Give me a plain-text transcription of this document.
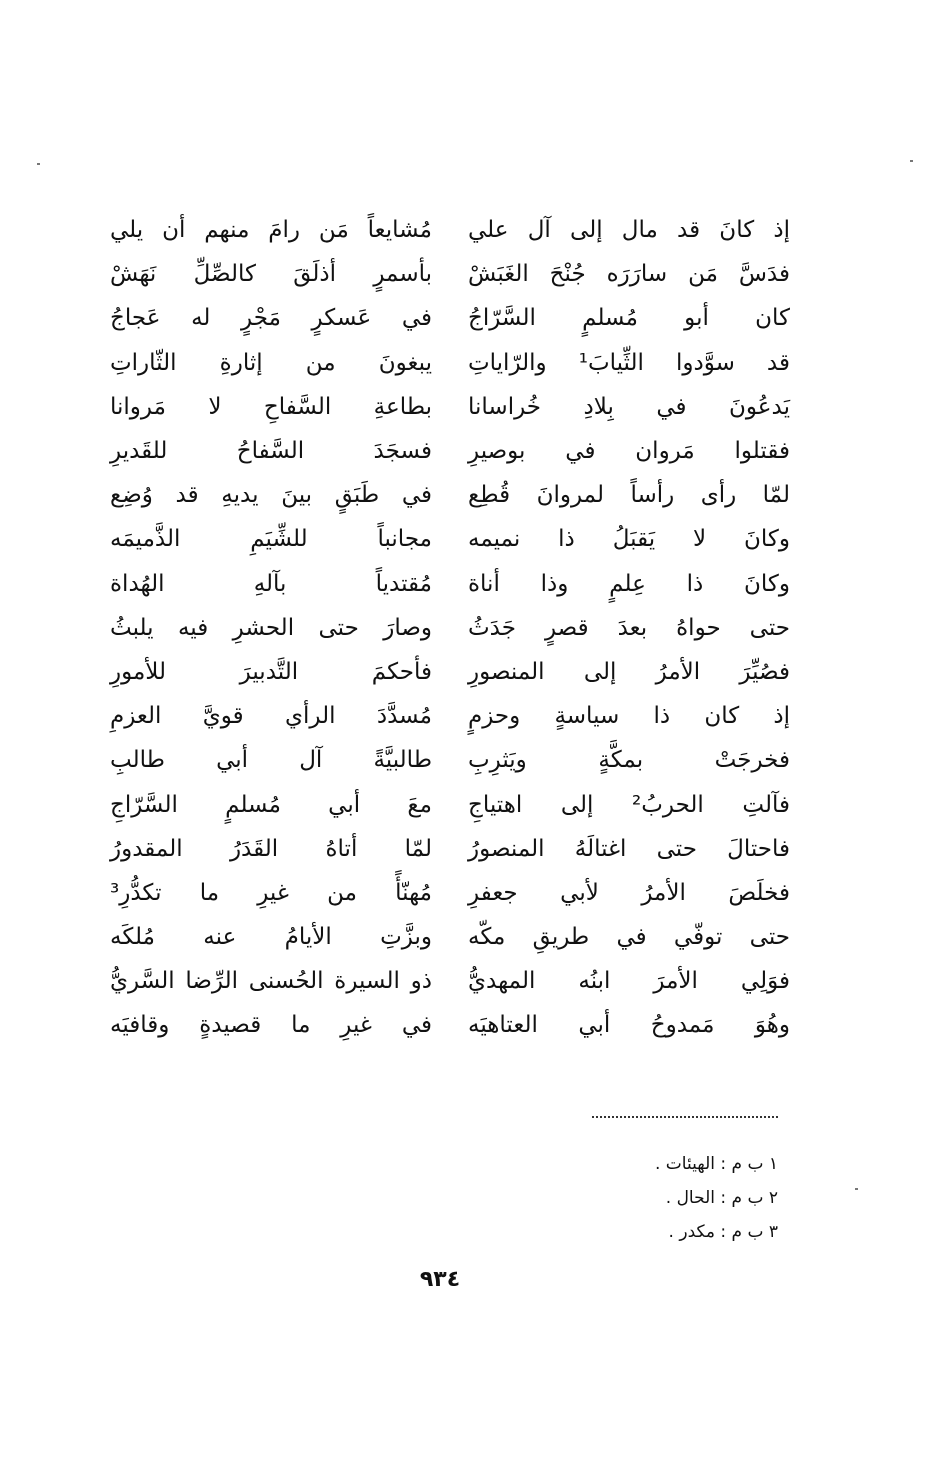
إذ كانَ قد مال إلى آل علي
مُشايعاً مَن رامَ منهم أن يلي
فدَسَّ مَن سارَرَه جُنْحَ الغَبَشْ
بأسمرٍ أذلَقَ كالصِّلِّ نَهَشْ
كان أبو مُسلمٍ السَّرّاجُ
في عَسكرٍ مَجْرٍ له عَجاجُ
قد سوَّدوا الثِّيابَ¹ والرّاياتِ
يبغونَ من إثارةِ الثّاراتِ
يَدعُونَ في بِلادِ خُراسانا
بطاعةِ السَّفاحِ لا مَروانا
فقتلوا مَروان في بوصيرِ
فسجَدَ السَّفاحُ للقَديرِ
لمّا رأى رأساً لمروانَ قُطِع
في طَبَقٍ بينَ يديهِ قد وُضِع
وكانَ لا يَقبَلُ ذا نميمه
مجانباً للشِّيَمِ الذَّميمَه
وكانَ ذا عِلمٍ وذا أناة
مُقتدياً بآلهِ الهُداة
حتى حواهُ بعدَ قصرٍ جَدَثُ
وصارَ حتى الحشرِ فيه يلبثُ
فصُيِّرَ الأمرُ إلى المنصورِ
فأحكمَ التَّدبيرَ للأمورِ
إذ كان ذا سياسةٍ وحزمٍ
مُسدَّدَ الرأي قويَّ العزمِ
فخرجَتْ بمكَّةٍ ويَثرِبِ
طالبيَّةً آل أبي طالبِ
فآلتِ الحربُ² إلى اهتياجِ
معَ أبي مُسلمٍ السَّرّاجِ
فاحتالَ حتى اغتالَهُ المنصورُ
لمّا أتاهُ القَدَرُ المقدورُ
فخلَصَ الأمرُ لأبي جعفرِ
مُهنّأً من غيرِ ما تكدُّرِ³
حتى توفّي في طريقِ مكّه
وبزَّتِ الأيامُ عنه مُلكَه
فوَلِي الأمرَ ابنُه المهديُّ
ذو السيرة الحُسنى الرِّضا السَّريُّ
وهُوَ مَمدوحُ أبي العتاهيَه
في غيرِ ما قصيدةٍ وقافيَه
١ ب م : الهيئات .
٢ ب م : الحال .
٣ ب م : مكدر .
٩٣٤
